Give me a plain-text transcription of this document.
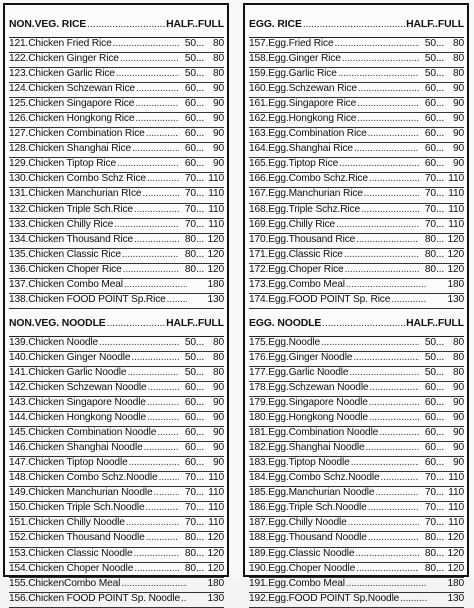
NON.VEG. RICE .....	HALF..FULL
121.Chicken Fried Rice .....	50... 80
122.Chicken Ginger Rice .....	50... 80
123.Chicken Garlic Rice .....	50... 80
124.Chicken Schzewan Rice .....	60... 90
125.Chicken Singapore Rice .....	60... 90
126.Chicken Hongkong Rice .....	60... 90
127.Chicken Combination Rice .....	60... 90
128.Chicken Shanghai Rice .....	60... 90
129.Chicken Tiptop Rice .....	60... 90
130.Chicken Combo Schz Rice .....	70... 110
131.Chicken Manchurian RIce .....	70... 110
132.Chicken Triple Sch.Rice .....	70... 110
133.Chicken Chilly Rice .....	70... 110
134.Chicken Thousand Rice .....	80... 120
135.Chicken Classic Rice .....	80... 120
136.Chicken Choper Rice .....	80... 120
137.Chicken Combo Meal .....	180
138.Chicken FOOD POINT Sp.Rice .....	130
NON.VEG. NOODLE .....	HALF..FULL
139.Chicken Noodle .....	50... 80
140.Chicken Ginger Noodle .....	50... 80
141.Chicken Garlic Noodle .....	50... 80
142.Chicken Schzewan Noodle .....	60... 90
143.Chicken Singapore Noodle .....	60... 90
144.Chicken Hongkong Noodle .....	60... 90
145.Chicken Combination Noodle .....	60... 90
146.Chicken Shanghai Noodle .....	60... 90
147.Chicken Tiptop Noodle .....	60... 90
148.Chicken Combo Schz.Noodle .....	70... 110
149.Chicken Manchurian Noodle .....	70... 110
150.Chicken Triple Sch.Noodle .....	70... 110
151.Chicken Chilly Noodle .....	70... 110
152.Chicken Thousand Noodle .....	80... 120
153.Chicken Classic Noodle .....	80... 120
154.Chicken Choper Noodle .....	80... 120
155.ChickenCombo Meal .....	180
156.Chicken FOOD POINT Sp. Noodle .....	130
EGG. RICE .....	HALF..FULL
157.Egg.Fried Rice .....	50... 80
158.Egg.Ginger Rice .....	50... 80
159.Egg.Garlic Rice .....	50... 80
160.Egg.Schzewan Rice .....	60... 90
161.Egg.Singapore Rice .....	60... 90
162.Egg.Hongkong Rice .....	60... 90
163.Egg.Combination Rice .....	60... 90
164.Egg.Shanghai Rice .....	60... 90
165.Egg.Tiptop Rice .....	60... 90
166.Egg.Combo Schz.Rice .....	70... 110
167.Egg.Manchurian Rice .....	70... 110
168.Egg.Triple Schz.Rice .....	70... 110
169.Egg.Chilly Rice .....	70... 110
170.Egg.Thousand Rice .....	80... 120
171.Egg.Classic Rice .....	80... 120
172.Egg.Choper Rice .....	80... 120
173.Egg.Combo Meal .....	180
174.Egg.FOOD POINT Sp. Rice .....	130
EGG. NOODLE .....	HALF..FULL
175.Egg.Noodle .....	50... 80
176.Egg.Ginger Noodle .....	50... 80
177.Egg.Garlic Noodle .....	50... 80
178.Egg.Schzewan Noodle .....	60... 90
179.Egg.Singapore Noodle .....	60... 90
180.Egg.Hongkong Noodle .....	60... 90
181.Egg.Combination Noodle .....	60... 90
182.Egg.Shanghai Noodle .....	60... 90
183.Egg.Tiptop Noodle .....	60... 90
184.Egg.Combo Schz.Noodle .....	70... 110
185.Egg.Manchurian Noodle .....	70... 110
186.Egg.Triple Sch.Noodle .....	70... 110
187.Egg.Chilly Noodle .....	70... 110
188.Egg.Thousand Noodle .....	80... 120
189.Egg.Classic Noodle .....	80... 120
190.Egg.Choper Noodle .....	80... 120
191.Egg.Combo Meal .....	180
192.Egg.FOOD POINT Sp.Noodle .....	130
